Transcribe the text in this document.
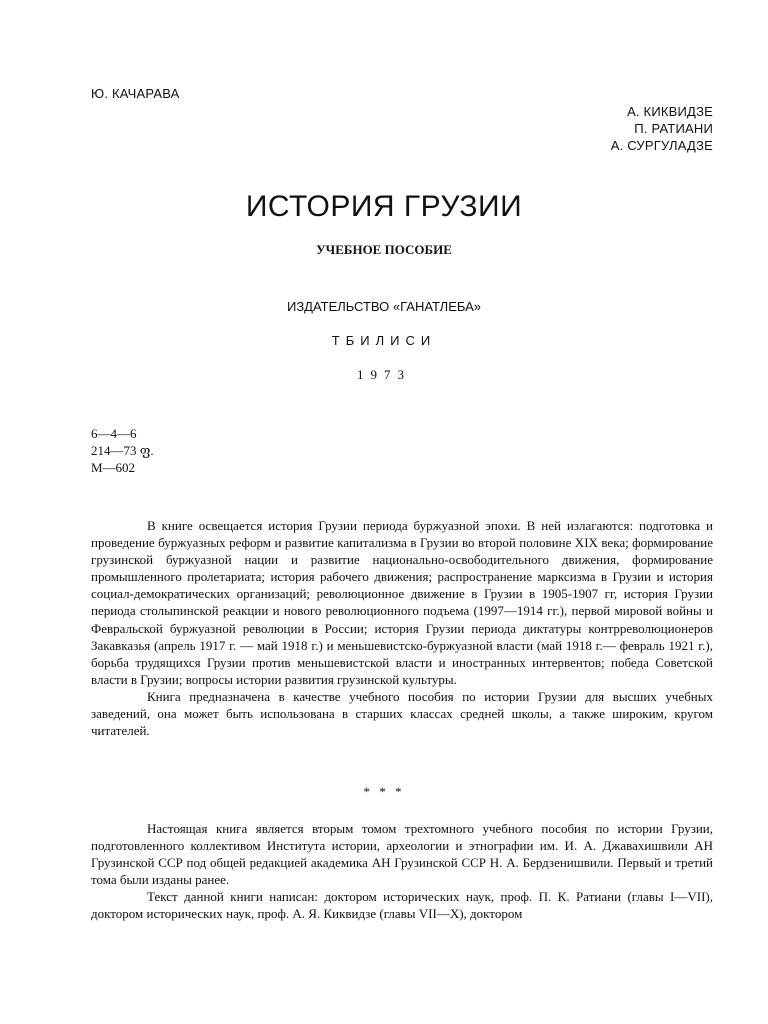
Ю. КАЧАРАВА
А. КИКВИДЗЕ
П. РАТИАНИ
А. СУРГУЛАДЗЕ
ИСТОРИЯ ГРУЗИИ
УЧЕБНОЕ ПОСОБИЕ
ИЗДАТЕЛЬСТВО «ГАНАТЛЕБА»
ТБИЛИСИ
1973
6—4—6
214—73 ფ.
М—602

В книге освещается история Грузии периода буржуазной эпохи. В ней излагаются: подготовка и проведение буржуазных реформ и развитие капитализма в Грузии во второй половине XIX века; формирование грузинской буржуазной нации и развитие национально-освободительного движения, формирование промышленного пролетариата; история рабочего движения; распространение марксизма в Грузии и история социал-демократических организаций; революционное движение в Грузии в 1905-1907 гг, история Грузии периода столыпинской реакции и нового революционного подъема (1997—1914 гг.), первой мировой войны и Февральской буржуазной революции в России; история Грузии периода диктатуры контрреволюционеров Закавказья (апрель 1917 г. — май 1918 г.) и меньшевистско-буржуазной власти (май 1918 г.— февраль 1921 г.), борьба трудящихся Грузии против меньшевистской власти и иностранных интервентов; победа Советской власти в Грузии; вопросы истории развития грузинской культуры.

Книга предназначена в качестве учебного пособия по истории Грузии для высших учебных заведений, она может быть использована в старших классах средней школы, а также широким, кругом читателей.

* * *

Настоящая книга является вторым томом трехтомного учебного пособия по истории Грузии, подготовленного коллективом Института истории, археологии и этнографии им. И. А. Джавахишвили АН Грузинской ССР под общей редакцией академика АН Грузинской ССР Н. А. Бердзенишвили. Первый и третий тома были изданы ранее.

Текст данной книги написан: доктором исторических наук, проф. П. К. Ратиани (главы I—VII), доктором исторических наук, проф. А. Я. Киквидзе (главы VII—X), доктором
